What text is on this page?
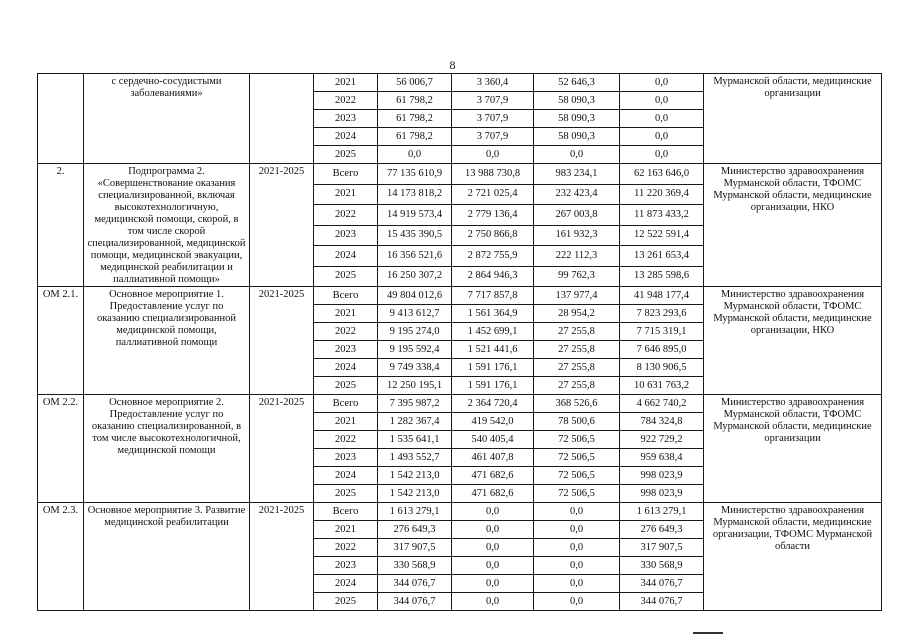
8
	с сердечно-сосудистыми заболеваниями»		2021	56 006,7	3 360,4	52 646,3	0,0	Мурманской области, медицинские организации
			2022	61 798,2	3 707,9	58 090,3	0,0	
			2023	61 798,2	3 707,9	58 090,3	0,0	
			2024	61 798,2	3 707,9	58 090,3	0,0	
			2025	0,0	0,0	0,0	0,0	
2.	Подпрограмма 2. «Совершенствование оказания специализированной, включая высокотехнологичную, медицинской помощи, скорой, в том числе скорой специализированной, медицинской помощи, медицинской эвакуации, медицинской реабилитации и паллиативной помощи»	2021-2025	Всего	77 135 610,9	13 988 730,8	983 234,1	62 163 646,0	Министерство здравоохранения Мурманской области, ТФОМС Мурманской области, медицинские организации, НКО
			2021	14 173 818,2	2 721 025,4	232 423,4	11 220 369,4	
			2022	14 919 573,4	2 779 136,4	267 003,8	11 873 433,2	
			2023	15 435 390,5	2 750 866,8	161 932,3	12 522 591,4	
			2024	16 356 521,6	2 872 755,9	222 112,3	13 261 653,4	
			2025	16 250 307,2	2 864 946,3	99 762,3	13 285 598,6	
ОМ 2.1.	Основное мероприятие 1. Предоставление услуг по оказанию специализированной медицинской помощи, паллиативной помощи	2021-2025	Всего	49 804 012,6	7 717 857,8	137 977,4	41 948 177,4	Министерство здравоохранения Мурманской области, ТФОМС Мурманской области, медицинские организации, НКО
			2021	9 413 612,7	1 561 364,9	28 954,2	7 823 293,6	
			2022	9 195 274,0	1 452 699,1	27 255,8	7 715 319,1	
			2023	9 195 592,4	1 521 441,6	27 255,8	7 646 895,0	
			2024	9 749 338,4	1 591 176,1	27 255,8	8 130 906,5	
			2025	12 250 195,1	1 591 176,1	27 255,8	10 631 763,2	
ОМ 2.2.	Основное мероприятие 2. Предоставление услуг по оказанию специализированной, в том числе высокотехнологичной, медицинской помощи	2021-2025	Всего	7 395 987,2	2 364 720,4	368 526,6	4 662 740,2	Министерство здравоохранения Мурманской области, ТФОМС Мурманской области, медицинские организации
			2021	1 282 367,4	419 542,0	78 500,6	784 324,8	
			2022	1 535 641,1	540 405,4	72 506,5	922 729,2	
			2023	1 493 552,7	461 407,8	72 506,5	959 638,4	
			2024	1 542 213,0	471 682,6	72 506,5	998 023,9	
			2025	1 542 213,0	471 682,6	72 506,5	998 023,9	
ОМ 2.3.	Основное мероприятие 3. Развитие медицинской реабилитации	2021-2025	Всего	1 613 279,1	0,0	0,0	1 613 279,1	Министерство здравоохранения Мурманской области, медицинские организации, ТФОМС Мурманской области
			2021	276 649,3	0,0	0,0	276 649,3	
			2022	317 907,5	0,0	0,0	317 907,5	
			2023	330 568,9	0,0	0,0	330 568,9	
			2024	344 076,7	0,0	0,0	344 076,7	
			2025	344 076,7	0,0	0,0	344 076,7	
